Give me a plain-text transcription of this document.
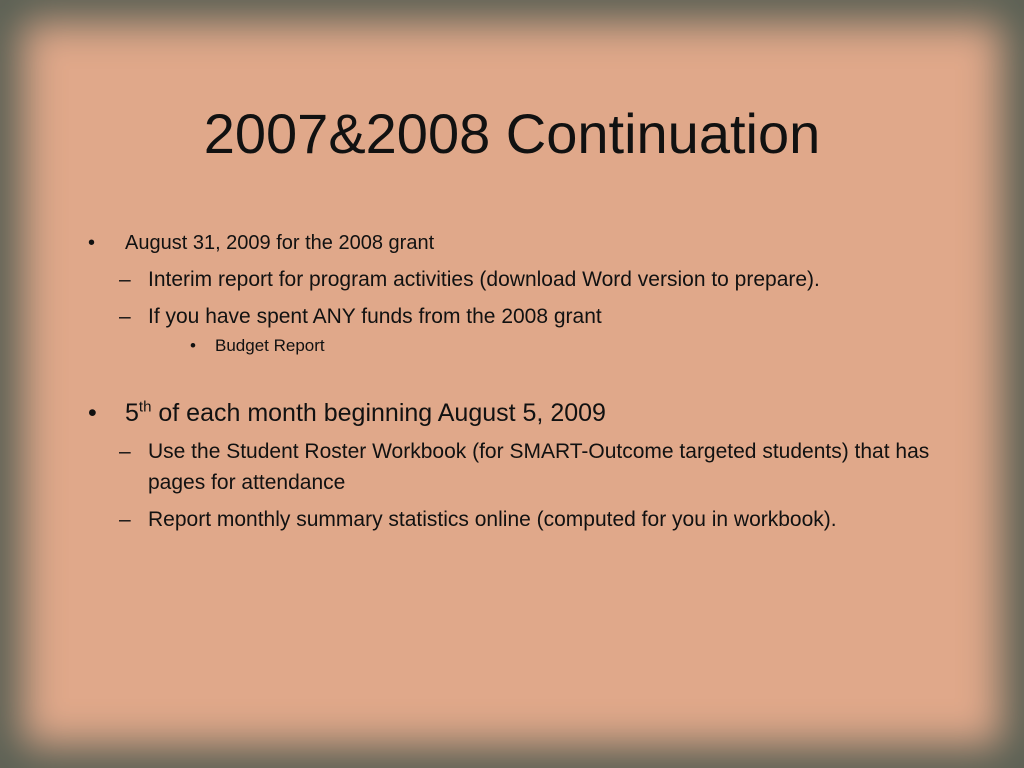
2007&2008 Continuation
• August 31, 2009 for the 2008 grant
– Interim report for program activities (download Word version to prepare).
– If you have spent ANY funds from the 2008 grant
• Budget Report
• 5th of each month beginning August 5, 2009
– Use the Student Roster Workbook (for SMART-Outcome targeted students) that has pages for attendance
– Report monthly summary statistics online (computed for you in workbook).
